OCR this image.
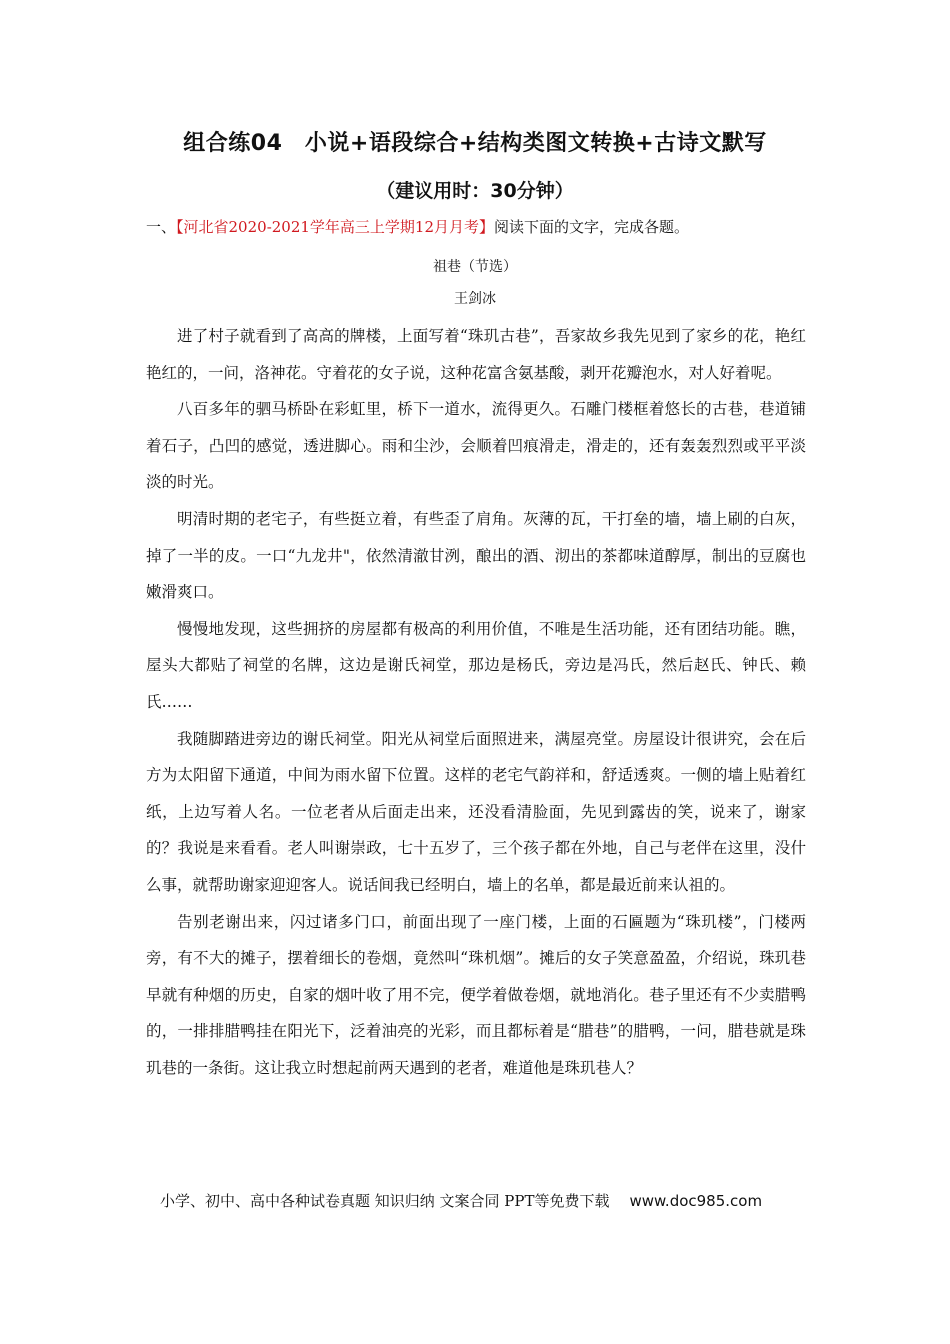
组合练04　小说+语段综合+结构类图文转换+古诗文默写
（建议用时：30分钟）
一、【河北省2020-2021学年高三上学期12月月考】阅读下面的文字，完成各题。
祖巷（节选）
王剑冰

进了村子就看到了高高的牌楼，上面写着“珠玑古巷”，吾家故乡我先见到了家乡的花，艳红艳红的，一问，洛神花。守着花的女子说，这种花富含氨基酸，剥开花瓣泡水，对人好着呢。

八百多年的驷马桥卧在彩虹里，桥下一道水，流得更久。石雕门楼框着悠长的古巷，巷道铺着石子，凸凹的感觉，透进脚心。雨和尘沙，会顺着凹痕滑走，滑走的，还有轰轰烈烈或平平淡淡的时光。

明清时期的老宅子，有些挺立着，有些歪了肩角。灰薄的瓦，干打垒的墙，墙上刷的白灰，掉了一半的皮。一口“九龙井"，依然清澈甘洌，酿出的酒、沏出的茶都味道醇厚，制出的豆腐也嫩滑爽口。

慢慢地发现，这些拥挤的房屋都有极高的利用价值，不唯是生活功能，还有团结功能。瞧，屋头大都贴了祠堂的名牌，这边是谢氏祠堂，那边是杨氏，旁边是冯氏，然后赵氏、钟氏、赖氏……

我随脚踏进旁边的谢氏祠堂。阳光从祠堂后面照进来，满屋亮堂。房屋设计很讲究，会在后方为太阳留下通道，中间为雨水留下位置。这样的老宅气韵祥和，舒适透爽。一侧的墙上贴着红纸，上边写着人名。一位老者从后面走出来，还没看清脸面，先见到露齿的笑，说来了，谢家的？我说是来看看。老人叫谢崇政，七十五岁了，三个孩子都在外地，自己与老伴在这里，没什么事，就帮助谢家迎迎客人。说话间我已经明白，墙上的名单，都是最近前来认祖的。

告别老谢出来，闪过诸多门口，前面出现了一座门楼，上面的石匾题为“珠玑楼”，门楼两旁，有不大的摊子，摆着细长的卷烟，竟然叫“珠机烟”。摊后的女子笑意盈盈，介绍说，珠玑巷早就有种烟的历史，自家的烟叶收了用不完，便学着做卷烟，就地消化。巷子里还有不少卖腊鸭的，一排排腊鸭挂在阳光下，泛着油亮的光彩，而且都标着是“腊巷”的腊鸭，一问，腊巷就是珠玑巷的一条街。这让我立时想起前两天遇到的老者，难道他是珠玑巷人？

小学、初中、高中各种试卷真题 知识归纳 文案合同 PPT等免费下载 www.doc985.com
